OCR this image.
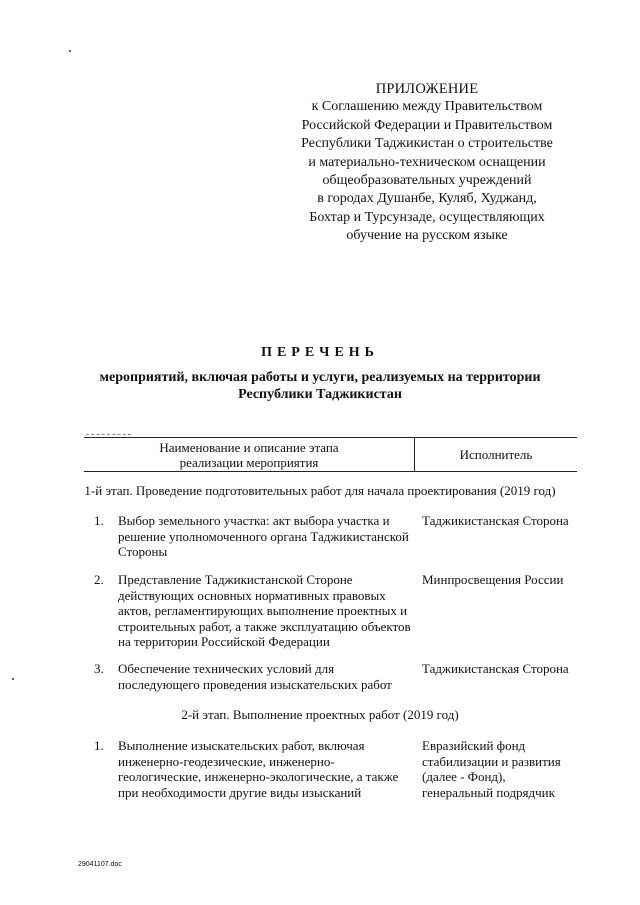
ПРИЛОЖЕНИЕ
к Соглашению между Правительством
Российской Федерации и Правительством
Республики Таджикистан о строительстве
и материально-техническом оснащении
общеобразовательных учреждений
в городах Душанбе, Куляб, Худжанд,
Бохтар и Турсунзаде, осуществляющих
обучение на русском языке
ПЕРЕЧЕНЬ
мероприятий, включая работы и услуги, реализуемых на территории
Республики Таджикистан
Наименование и описание этапа
реализации мероприятия
Исполнитель
1-й этап. Проведение подготовительных работ для начала проектирования (2019 год)
1. Выбор земельного участка: акт выбора участка и
решение уполномоченного органа Таджикистанской
Стороны
Таджикистанская Сторона
2. Представление Таджикистанской Стороне
действующих основных нормативных правовых
актов, регламентирующих выполнение проектных и
строительных работ, а также эксплуатацию объектов
на территории Российской Федерации
Минпросвещения России
3. Обеспечение технических условий для
последующего проведения изыскательских работ
Таджикистанская Сторона
2-й этап. Выполнение проектных работ (2019 год)
1. Выполнение изыскательских работ, включая
инженерно-геодезические, инженерно-
геологические, инженерно-экологические, а также
при необходимости другие виды изысканий
Евразийский фонд
стабилизации и развития
(далее - Фонд),
генеральный подрядчик
29041107.doc
